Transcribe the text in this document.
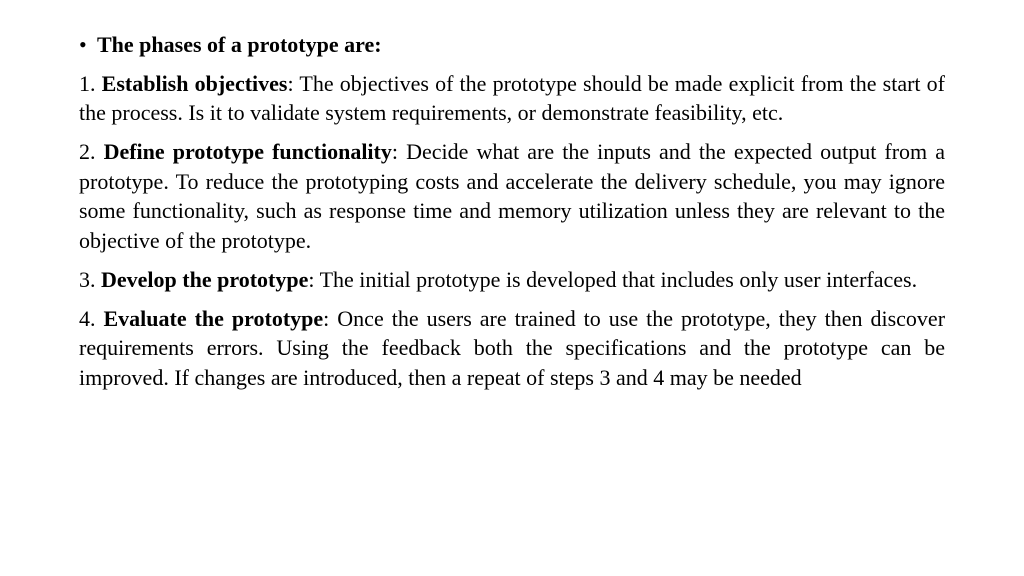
• The phases of a prototype are:

1. Establish objectives: The objectives of the prototype should be made explicit from the start of the process. Is it to validate system requirements, or demonstrate feasibility, etc.

2. Define prototype functionality: Decide what are the inputs and the expected output from a prototype. To reduce the prototyping costs and accelerate the delivery schedule, you may ignore some functionality, such as response time and memory utilization unless they are relevant to the objective of the prototype.

3. Develop the prototype: The initial prototype is developed that includes only user interfaces.

4. Evaluate the prototype: Once the users are trained to use the prototype, they then discover requirements errors. Using the feedback both the specifications and the prototype can be improved. If changes are introduced, then a repeat of steps 3 and 4 may be needed
